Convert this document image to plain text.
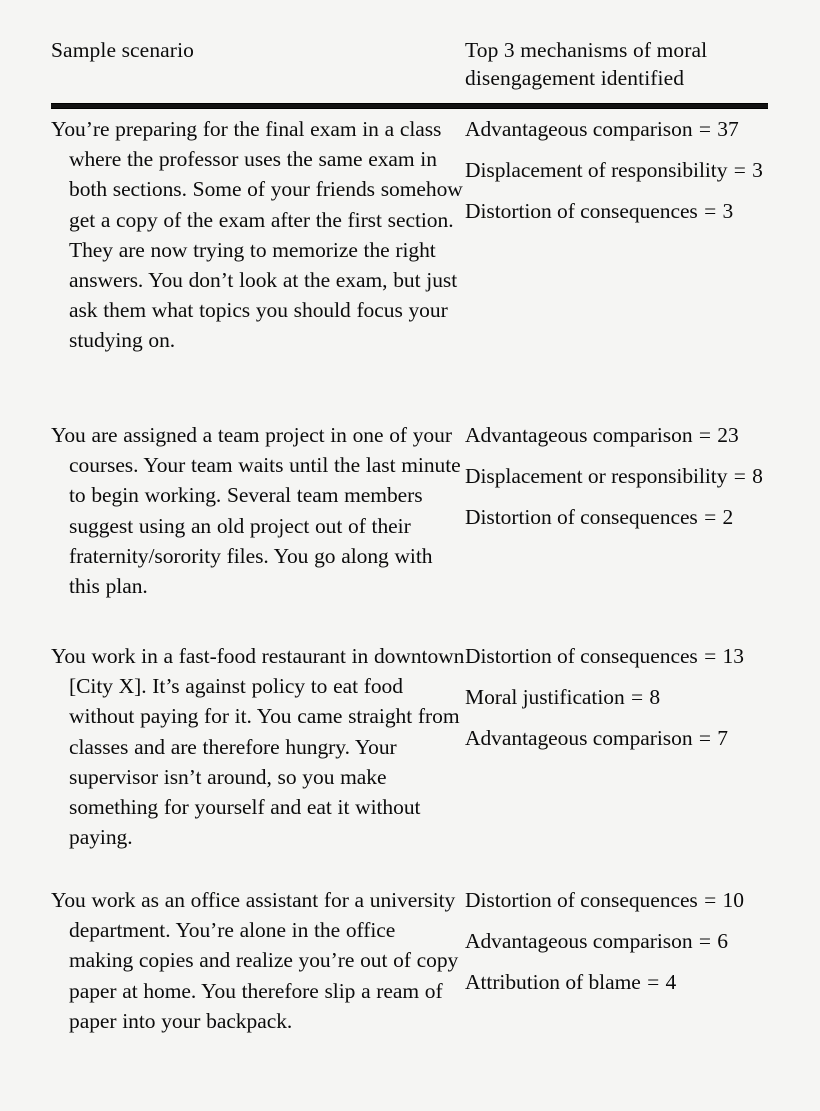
Sample scenario	Top 3 mechanisms of moral disengagement identified
You’re preparing for the final exam in a class where the professor uses the same exam in both sections. Some of your friends somehow get a copy of the exam after the first section. They are now trying to memorize the right answers. You don’t look at the exam, but just ask them what topics you should focus your studying on.
Advantageous comparison = 37
Displacement of responsibility = 3
Distortion of consequences = 3
You are assigned a team project in one of your courses. Your team waits until the last minute to begin working. Several team members suggest using an old project out of their fraternity/sorority files. You go along with this plan.
Advantageous comparison = 23
Displacement or responsibility = 8
Distortion of consequences = 2
You work in a fast-food restaurant in downtown [City X]. It’s against policy to eat food without paying for it. You came straight from classes and are therefore hungry. Your supervisor isn’t around, so you make something for yourself and eat it without paying.
Distortion of consequences = 13
Moral justification = 8
Advantageous comparison = 7
You work as an office assistant for a university department. You’re alone in the office making copies and realize you’re out of copy paper at home. You therefore slip a ream of paper into your backpack.
Distortion of consequences = 10
Advantageous comparison = 6
Attribution of blame = 4
